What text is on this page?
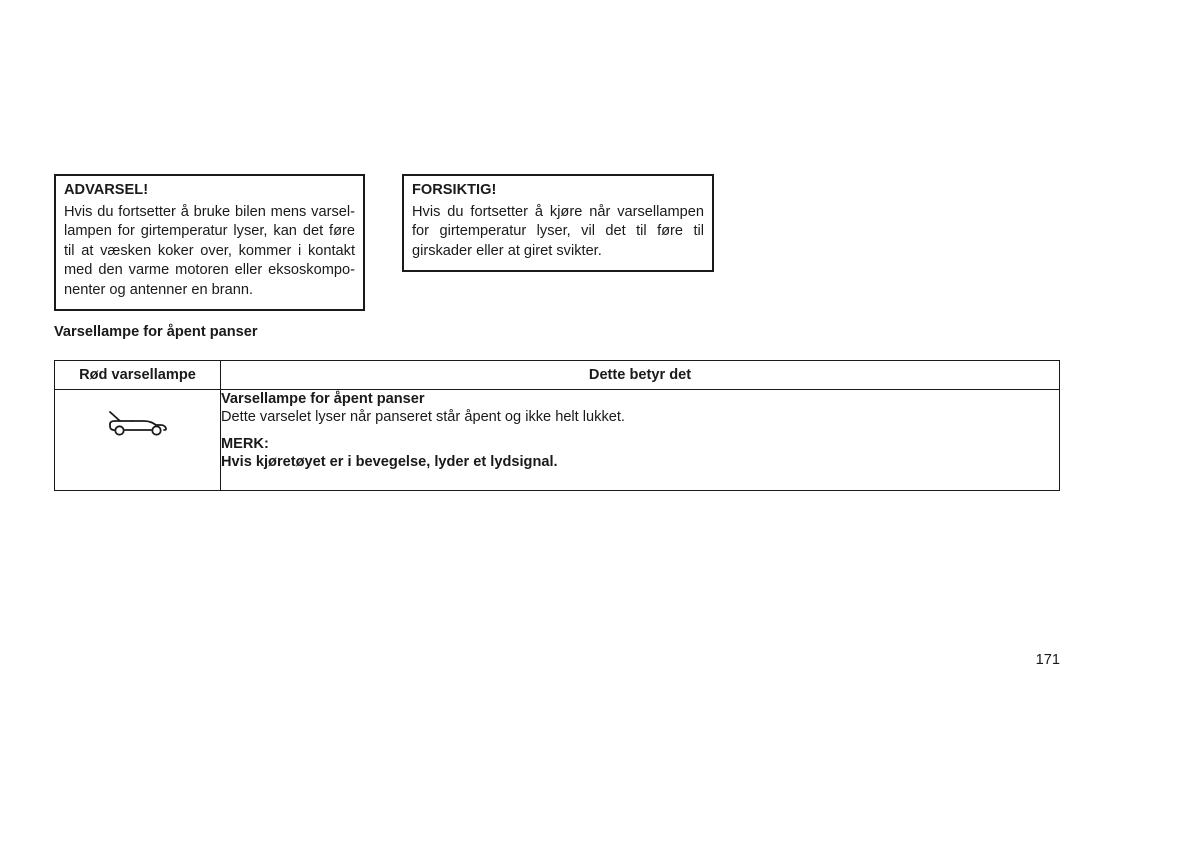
ADVARSEL!

Hvis du fortsetter å bruke bilen mens varsellampen for girtemperatur lyser, kan det føre til at væsken koker over, kommer i kontakt med den varme motoren eller eksoskomponenter og antenner en brann.

FORSIKTIG!

Hvis du fortsetter å kjøre når varsellampen for girtemperatur lyser, vil det til føre til girskader eller at giret svikter.

Varsellampe for åpent panser
Rød varsellampe	Dette betyr det

Varsellampe for åpent panser
Dette varselet lyser når panseret står åpent og ikke helt lukket.
MERK:
Hvis kjøretøyet er i bevegelse, lyder et lydsignal.
171
